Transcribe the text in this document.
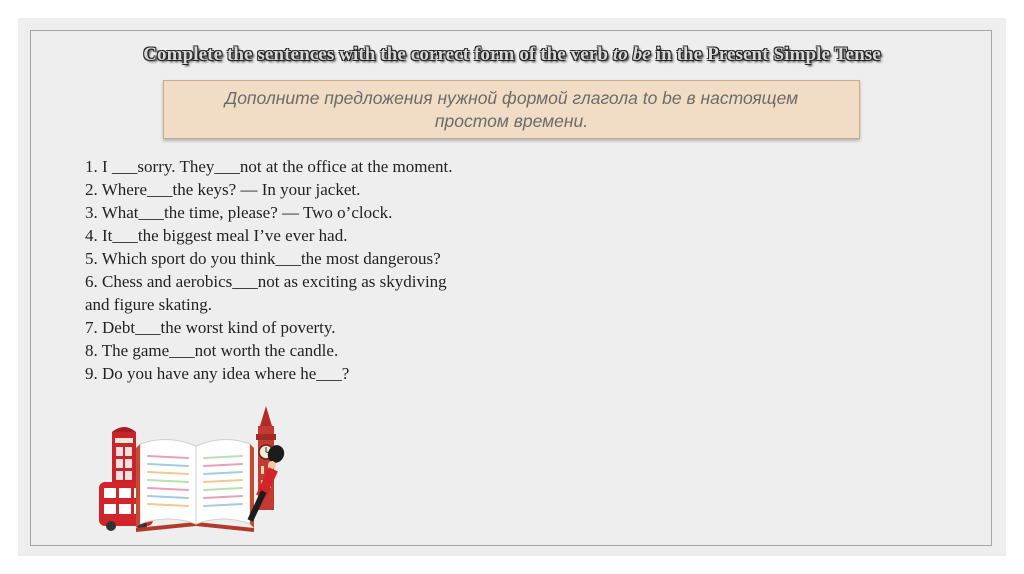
Complete the sentences with the correct form of the verb to be in the Present Simple Tense
Дополните предложения нужной формой глагола to be в настоящем простом времени.
1. I ___sorry. They___not at the office at the moment.
2. Where___the keys? — In your jacket.
3. What___the time, please? — Two o’clock.
4. It___the biggest meal I’ve ever had.
5. Which sport do you think___the most dangerous?
6. Chess and aerobics___not as exciting as skydiving
and figure skating.
7. Debt___the worst kind of poverty.
8. The game___not worth the candle.
9. Do you have any idea where he___?
